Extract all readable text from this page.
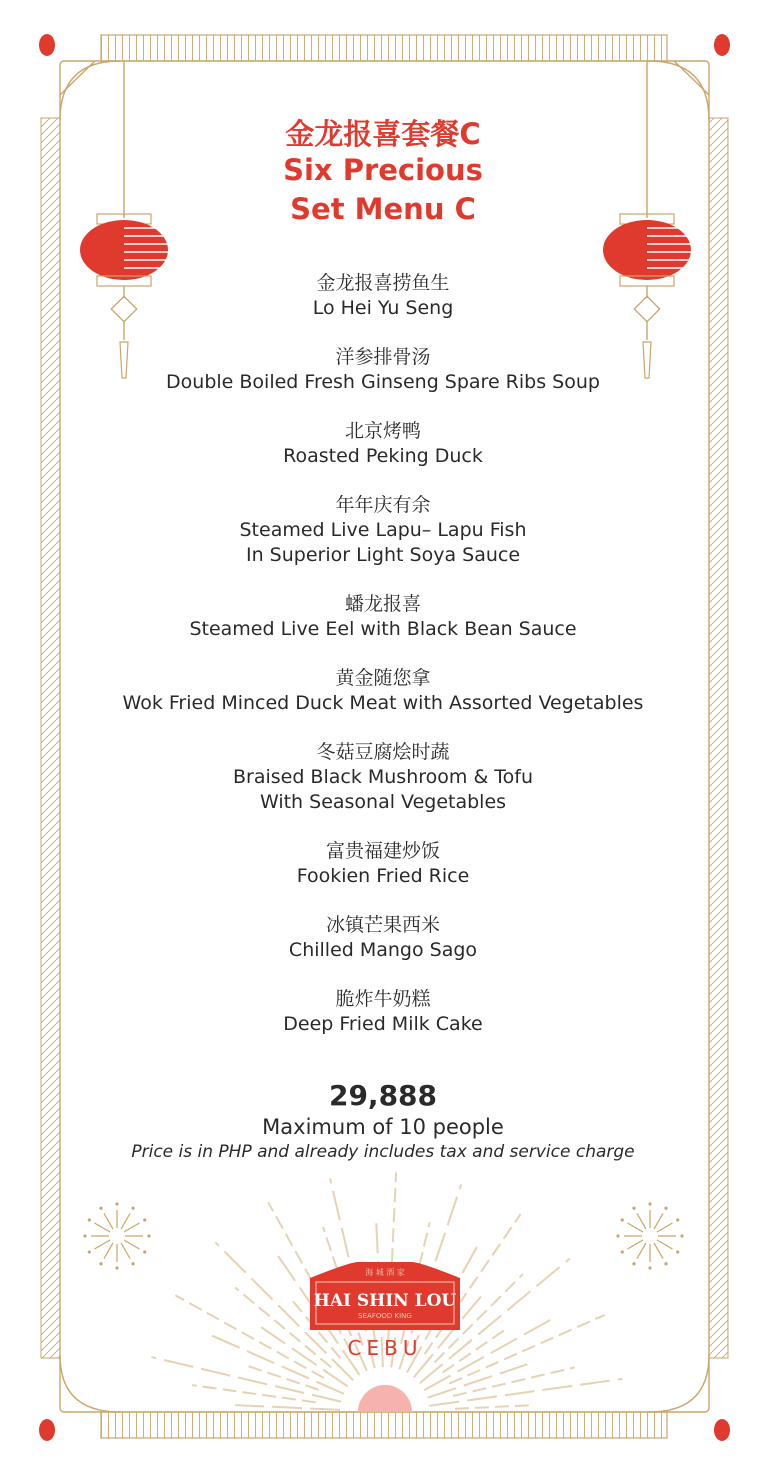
海 城 酒 家
HAI SHIN LOU
SEAFOOD KING
CEBU
金龙报喜套餐C
Six Precious
Set Menu C
金龙报喜捞鱼生
Lo Hei Yu Seng
洋参排骨汤
Double Boiled Fresh Ginseng Spare Ribs Soup
北京烤鸭
Roasted Peking Duck
年年庆有余
Steamed Live Lapu– Lapu Fish
In Superior Light Soya Sauce
蟠龙报喜
Steamed Live Eel with Black Bean Sauce
黄金随您拿
Wok Fried Minced Duck Meat with Assorted Vegetables
冬菇豆腐烩时蔬
Braised Black Mushroom & Tofu
With Seasonal Vegetables
富贵福建炒饭
Fookien Fried Rice
冰镇芒果西米
Chilled Mango Sago
脆炸牛奶糕
Deep Fried Milk Cake
29,888
Maximum of 10 people
Price is in PHP and already includes tax and service charge
